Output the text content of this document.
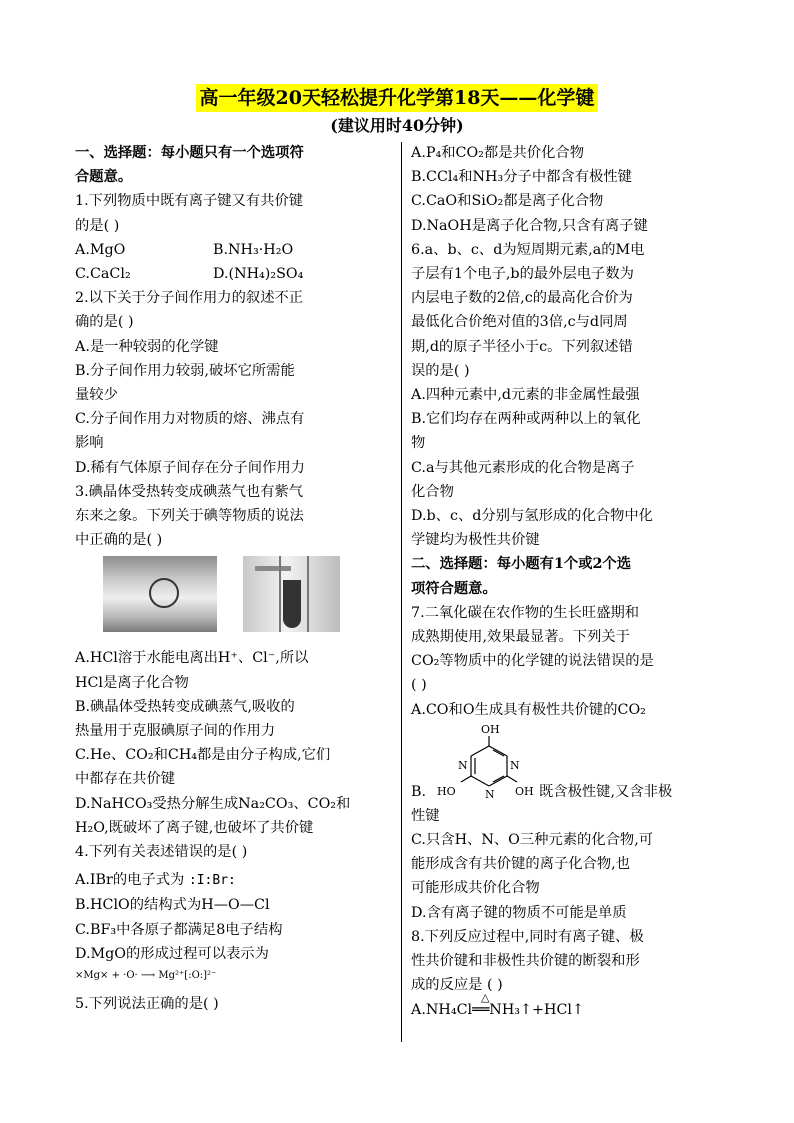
高一年级20天轻松提升化学第18天——化学键
(建议用时40分钟)
一、选择题：每小题只有一个选项符
合题意。
1.下列物质中既有离子键又有共价键
的是( )
A.MgO	B.NH₃·H₂O
C.CaCl₂	D.(NH₄)₂SO₄
2.以下关于分子间作用力的叙述不正
确的是( )
A.是一种较弱的化学键
B.分子间作用力较弱,破坏它所需能
量较少
C.分子间作用力对物质的熔、沸点有
影响
D.稀有气体原子间存在分子间作用力
3.碘晶体受热转变成碘蒸气也有紫气
东来之象。下列关于碘等物质的说法
中正确的是( )
A.HCl溶于水能电离出H⁺、Cl⁻,所以
HCl是离子化合物
B.碘晶体受热转变成碘蒸气,吸收的
热量用于克服碘原子间的作用力
C.He、CO₂和CH₄都是由分子构成,它们
中都存在共价键
D.NaHCO₃受热分解生成Na₂CO₃、CO₂和
H₂O,既破坏了离子键,也破坏了共价键
4.下列有关表述错误的是( )
A.IBr的电子式为 :I:Br:
B.HClO的结构式为H—O—Cl
C.BF₃中各原子都满足8电子结构
D.MgO的形成过程可以表示为
×Mg× + ·O· ⟶ Mg²⁺[:O:]²⁻
5.下列说法正确的是( )
A.P₄和CO₂都是共价化合物
B.CCl₄和NH₃分子中都含有极性键
C.CaO和SiO₂都是离子化合物
D.NaOH是离子化合物,只含有离子键
6.a、b、c、d为短周期元素,a的M电
子层有1个电子,b的最外层电子数为
内层电子数的2倍,c的最高化合价为
最低化合价绝对值的3倍,c与d同周
期,d的原子半径小于c。下列叙述错
误的是( )
A.四种元素中,d元素的非金属性最强
B.它们均存在两种或两种以上的氧化
物
C.a与其他元素形成的化合物是离子
化合物
D.b、c、d分别与氢形成的化合物中化
学键均为极性共价键
二、选择题：每小题有1个或2个选
项符合题意。
7.二氧化碳在农作物的生长旺盛期和
成熟期使用,效果最显著。下列关于
CO₂等物质中的化学键的说法错误的是
( )
A.CO和O生成具有极性共价键的CO₂
OH
N	N
N
HO	OH
B.	既含极性键,又含非极
性键
C.只含H、N、O三种元素的化合物,可
能形成含有共价键的离子化合物,也
可能形成共价化合物
D.含有离子键的物质不可能是单质
8.下列反应过程中,同时有离子键、极
性共价键和非极性共价键的断裂和形
成的反应是 ( )
△
A.NH₄Cl══NH₃↑+HCl↑
